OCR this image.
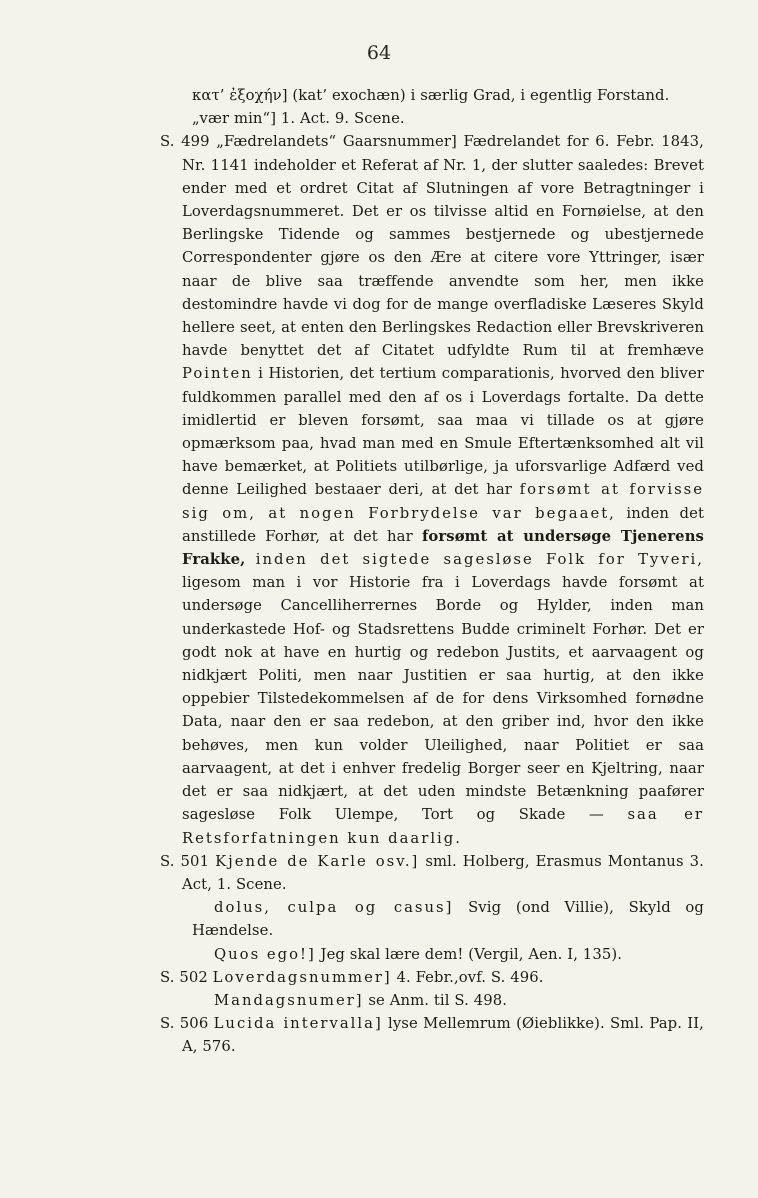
64

κατ’ ἐξοχήν] (kat’ exochæn) i særlig Grad, i egentlig Forstand.

„vær min“] 1. Act. 9. Scene.

S. 499 „Fædrelandets“ Gaarsnummer] Fædrelandet for 6. Febr. 1843, Nr. 1141 indeholder et Referat af Nr. 1, der slutter saaledes: Brevet ender med et ordret Citat af Slutningen af vore Betragtninger i Loverdagsnummeret. Det er os tilvisse altid en Fornøielse, at den Berlingske Tidende og sammes bestjernede og ubestjernede Correspondenter gjøre os den Ære at citere vore Yttringer, især naar de blive saa træffende anvendte som her, men ikke destomindre havde vi dog for de mange overfladiske Læseres Skyld hellere seet, at enten den Berlingskes Redaction eller Brevskriveren havde benyttet det af Citatet udfyldte Rum til at fremhæve Pointen i Historien, det tertium comparationis, hvorved den bliver fuldkommen parallel med den af os i Loverdags fortalte. Da dette imidlertid er bleven forsømt, saa maa vi tillade os at gjøre opmærksom paa, hvad man med en Smule Eftertænksomhed alt vil have bemærket, at Politiets utilbørlige, ja uforsvarlige Adfærd ved denne Leilighed bestaaer deri, at det har forsømt at forvisse sig om, at nogen Forbrydelse var begaaet, inden det anstillede Forhør, at det har forsømt at undersøge Tjenerens Frakke, inden det sigtede sagesløse Folk for Tyveri, ligesom man i vor Historie fra i Loverdags havde forsømt at undersøge Cancelliherrernes Borde og Hylder, inden man underkastede Hof- og Stadsrettens Budde criminelt Forhør. Det er godt nok at have en hurtig og redebon Justits, et aarvaagent og nidkjært Politi, men naar Justitien er saa hurtig, at den ikke oppebier Tilstedekommelsen af de for dens Virksomhed fornødne Data, naar den er saa redebon, at den griber ind, hvor den ikke behøves, men kun volder Uleilighed, naar Politiet er saa aarvaagent, at det i enhver fredelig Borger seer en Kjeltring, naar det er saa nidkjært, at det uden mindste Betænkning paafører sagesløse Folk Ulempe, Tort og Skade — saa er Retsforfatningen kun daarlig.

S. 501 Kjende de Karle osv.] sml. Holberg, Erasmus Montanus 3. Act, 1. Scene.

dolus, culpa og casus] Svig (ond Villie), Skyld og Hændelse.

Quos ego!] Jeg skal lære dem! (Vergil, Aen. I, 135).

S. 502 Loverdagsnummer] 4. Febr.,ovf. S. 496.

Mandagsnumer] se Anm. til S. 498.

S. 506 Lucida intervalla] lyse Mellemrum (Øieblikke). Sml. Pap. II, A, 576.
